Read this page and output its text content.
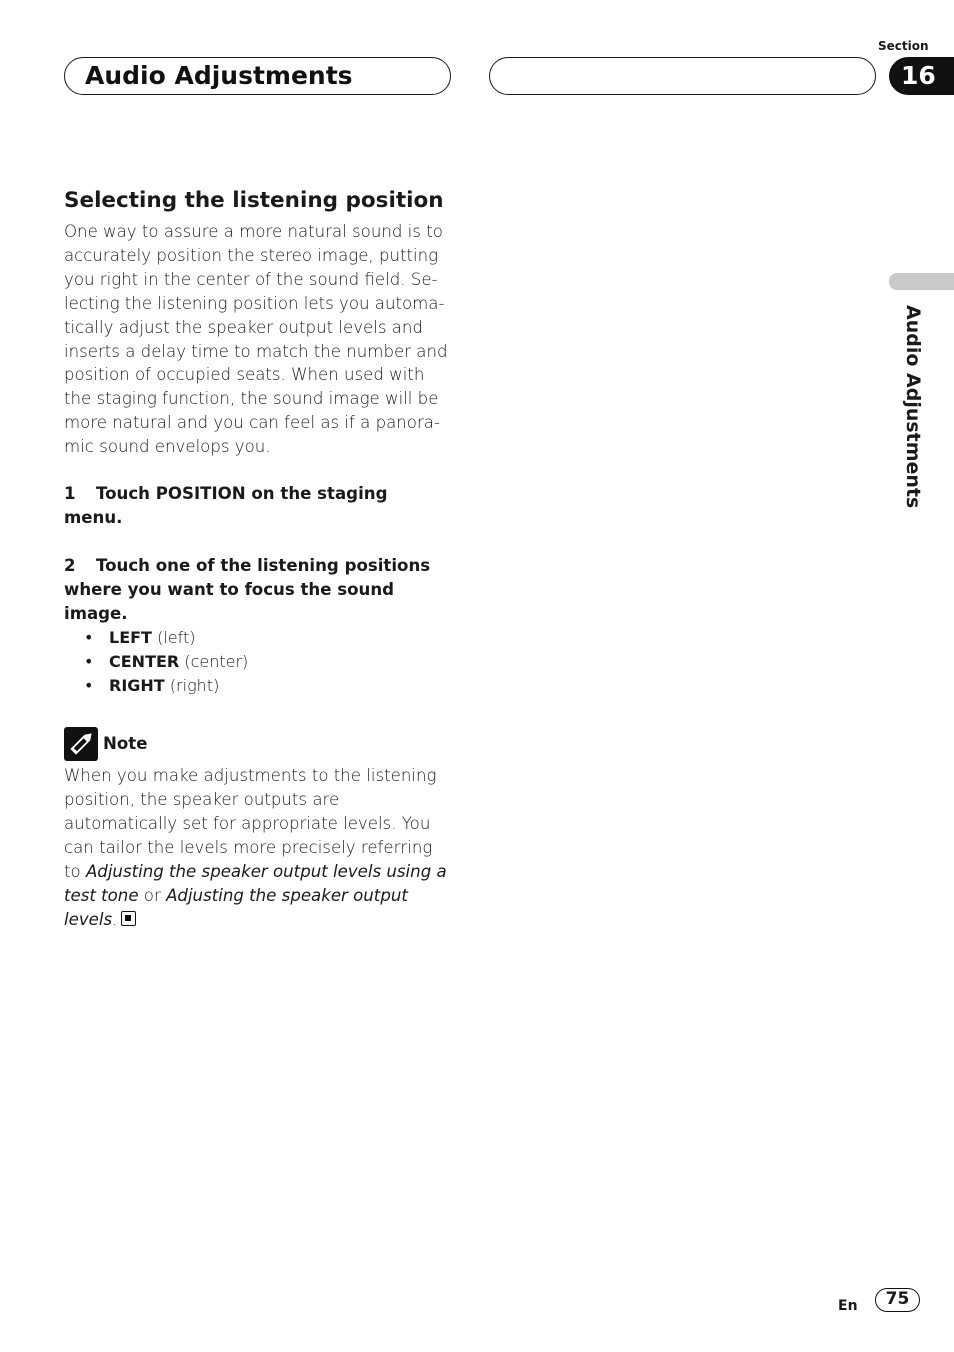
Audio Adjustments
Section
16
Audio Adjustments
Selecting the listening position

One way to assure a more natural sound is to accurately position the stereo image, putting you right in the center of the sound field. Selecting the listening position lets you automatically adjust the speaker output levels and inserts a delay time to match the number and position of occupied seats. When used with the staging function, the sound image will be more natural and you can feel as if a panoramic sound envelops you.

1 Touch POSITION on the staging menu.

2 Touch one of the listening positions where you want to focus the sound image.

• LEFT (left)
• CENTER (center)
• RIGHT (right)
Note

When you make adjustments to the listening position, the speaker outputs are automatically set for appropriate levels. You can tailor the levels more precisely referring to Adjusting the speaker output levels using a test tone or Adjusting the speaker output levels.

En	75
